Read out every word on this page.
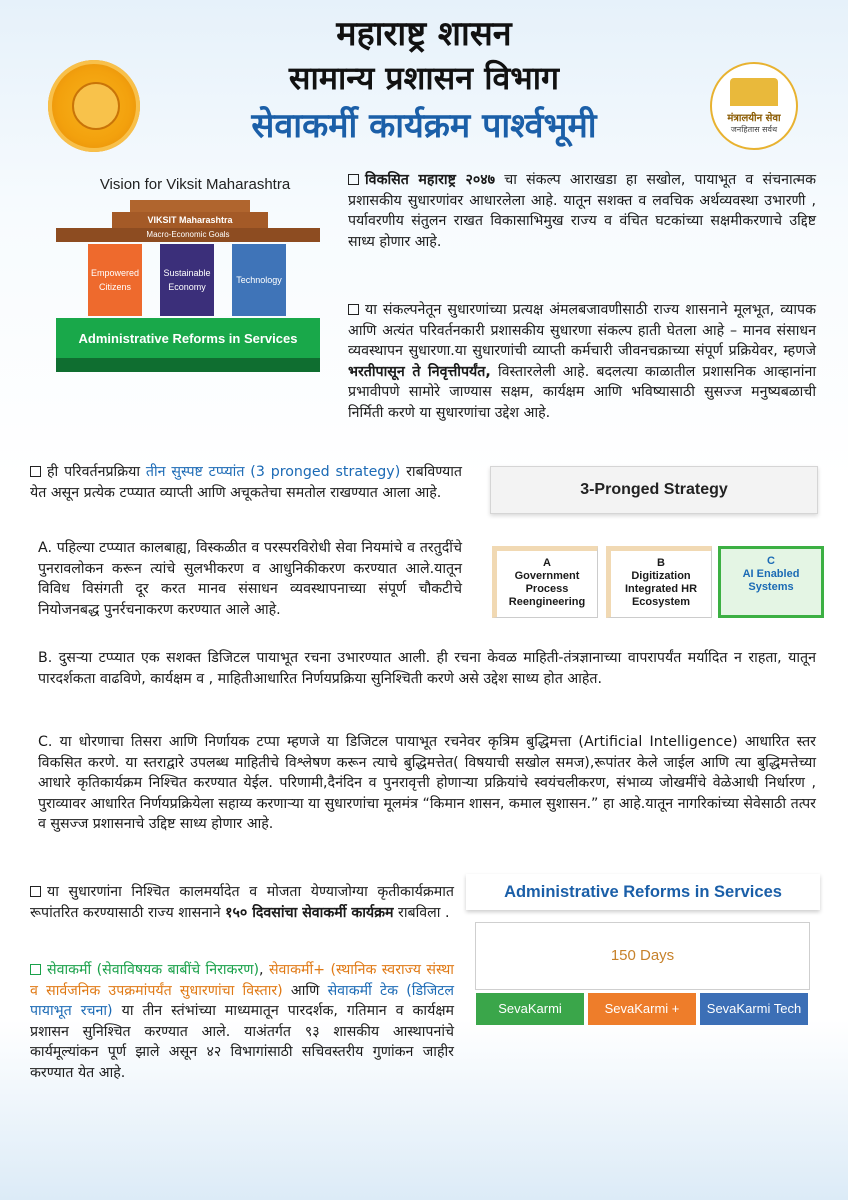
महाराष्ट्र शासन
सामान्य प्रशासन विभाग
सेवाकर्मी कार्यक्रम पार्श्वभूमी	मंत्रालयीन सेवा
जनहितास सर्वथ
Vision for Viksit Maharashtra
VIKSIT Maharashtra
Macro-Economic Goals
Empowered Citizens
Sustainable Economy
Technology
Administrative Reforms in Services
विकसित महाराष्ट्र २०४७ चा संकल्प आराखडा हा सखोल, पायाभूत व संचनात्मक प्रशासकीय सुधारणांवर आधारलेला आहे. यातून सशक्त व लवचिक अर्थव्यवस्था उभारणी , पर्यावरणीय संतुलन राखत विकासाभिमुख राज्य व वंचित घटकांच्या सक्षमीकरणाचे उद्दिष्ट साध्य होणार आहे.
या संकल्पनेतून सुधारणांच्या प्रत्यक्ष अंमलबजावणीसाठी राज्य शासनाने मूलभूत, व्यापक आणि अत्यंत परिवर्तनकारी प्रशासकीय सुधारणा संकल्प हाती घेतला आहे – मानव संसाधन व्यवस्थापन सुधारणा.या सुधारणांची व्याप्ती कर्मचारी जीवनचक्राच्या संपूर्ण प्रक्रियेवर, म्हणजे भरतीपासून ते निवृत्तीपर्यंत, विस्तारलेली आहे. बदलत्या काळातील प्रशासनिक आव्हानांना प्रभावीपणे सामोरे जाण्यास सक्षम, कार्यक्षम आणि भविष्यासाठी सुसज्ज मनुष्यबळाची निर्मिती करणे या सुधारणांचा उद्देश आहे.
ही परिवर्तनप्रक्रिया तीन सुस्पष्ट टप्प्यांत (3 pronged strategy) राबविण्यात येत असून प्रत्येक टप्प्यात व्याप्ती आणि अचूकतेचा समतोल राखण्यात आला आहे.
A. पहिल्या टप्प्यात कालबाह्य, विस्कळीत व परस्परविरोधी सेवा नियमांचे व तरतुदींचे पुनरावलोकन करून त्यांचे सुलभीकरण व आधुनिकीकरण करण्यात आले.यातून विविध विसंगती दूर करत मानव संसाधन व्यवस्थापनाच्या संपूर्ण चौकटीचे नियोजनबद्ध पुनर्रचनाकरण करण्यात आले आहे.
3-Pronged Strategy
A
Government Process Reengineering
B
Digitization Integrated HR Ecosystem
C
AI Enabled Systems
B. दुसऱ्या टप्प्यात एक सशक्त डिजिटल पायाभूत रचना उभारण्यात आली. ही रचना केवळ माहिती-तंत्रज्ञानाच्या वापरापर्यंत मर्यादित न राहता, यातून पारदर्शकता वाढविणे, कार्यक्षम व , माहितीआधारित निर्णयप्रक्रिया सुनिश्चिती करणे असे उद्देश साध्य होत आहेत.
C. या धोरणाचा तिसरा आणि निर्णायक टप्पा म्हणजे या डिजिटल पायाभूत रचनेवर कृत्रिम बुद्धिमत्ता (Artificial Intelligence) आधारित स्तर विकसित करणे. या स्तराद्वारे उपलब्ध माहितीचे विश्लेषण करून त्याचे बुद्धिमत्तेत( विषयाची सखोल समज),रूपांतर केले जाईल आणि त्या बुद्धिमत्तेच्या आधारे कृतिकार्यक्रम निश्चित करण्यात येईल. परिणामी,दैनंदिन व पुनरावृत्ती होणाऱ्या प्रक्रियांचे स्वयंचलीकरण, संभाव्य जोखमींचे वेळेआधी निर्धारण , पुराव्यावर आधारित निर्णयप्रक्रियेला सहाय्य करणाऱ्या या सुधारणांचा मूलमंत्र “किमान शासन, कमाल सुशासन.” हा आहे.यातून नागरिकांच्या सेवेसाठी तत्पर व सुसज्ज प्रशासनाचे उद्दिष्ट साध्य होणार आहे.
या सुधारणांना निश्चित कालमर्यादेत व मोजता येण्याजोग्या कृतीकार्यक्रमात रूपांतरित करण्यासाठी राज्य शासनाने १५० दिवसांचा सेवाकर्मी कार्यक्रम राबविला .
सेवाकर्मी (सेवाविषयक बाबींचे निराकरण), सेवाकर्मी+ (स्थानिक स्वराज्य संस्था व सार्वजनिक उपक्रमांपर्यंत सुधारणांचा विस्तार) आणि सेवाकर्मी टेक (डिजिटल पायाभूत रचना) या तीन स्तंभांच्या माध्यमातून पारदर्शक, गतिमान व कार्यक्षम प्रशासन सुनिश्चित करण्यात आले. याअंतर्गत ९३ शासकीय आस्थापनांचे कार्यमूल्यांकन पूर्ण झाले असून ४२ विभागांसाठी सचिवस्तरीय गुणांकन जाहीर करण्यात येत आहे.
Administrative Reforms in Services
150 Days
SevaKarmi	SevaKarmi +	SevaKarmi Tech
